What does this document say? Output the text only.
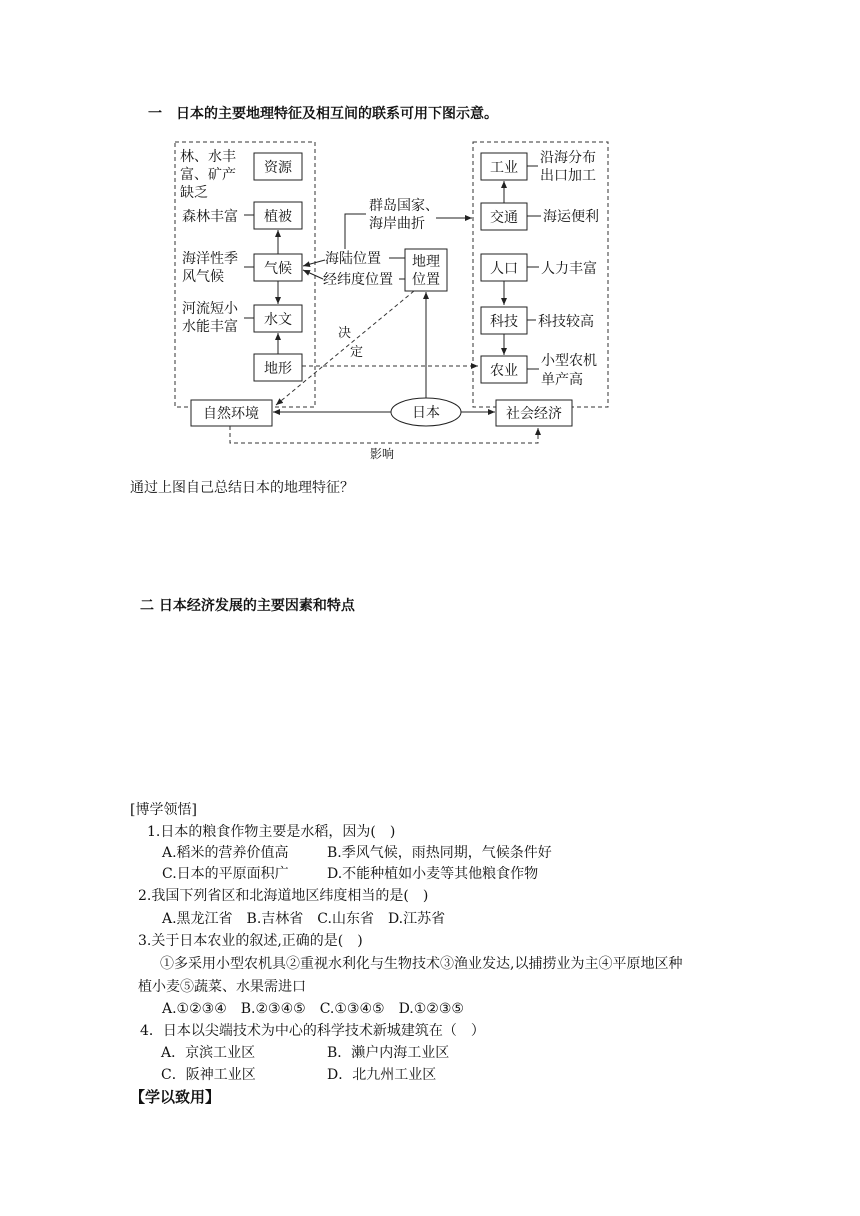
一　日本的主要地理特征及相互间的联系可用下图示意。
资源
林、水丰
富、矿产
缺乏
植被
森林丰富
气候
海洋性季
风气候
水文
河流短小
水能丰富
地形
自然环境
群岛国家、
海岸曲折
海陆位置
经纬度位置
地理
位置
决
定
日本	社会经济
影响
工业
沿海分布
出口加工
交通 海运便利
人口 人力丰富
科技 科技较高
农业
小型农机
单产高
通过上图自己总结日本的地理特征？
二 日本经济发展的主要因素和特点
[博学领悟]
1.日本的粮食作物主要是水稻，因为(　)
A.稻米的营养价值高	B.季风气候，雨热同期，气候条件好
C.日本的平原面积广	D.不能种植如小麦等其他粮食作物
2.我国下列省区和北海道地区纬度相当的是(　)
A.黑龙江省　B.吉林省　C.山东省　D.江苏省
3.关于日本农业的叙述,正确的是(　)
①多采用小型农机具②重视水利化与生物技术③渔业发达,以捕捞业为主④平原地区种
植小麦⑤蔬菜、水果需进口
A.①②③④　B.②③④⑤　C.①③④⑤　D.①②③⑤
4．日本以尖端技术为中心的科学技术新城建筑在（　）
A．京滨工业区	B．濑户内海工业区
C．阪神工业区	D．北九州工业区
【学以致用】
